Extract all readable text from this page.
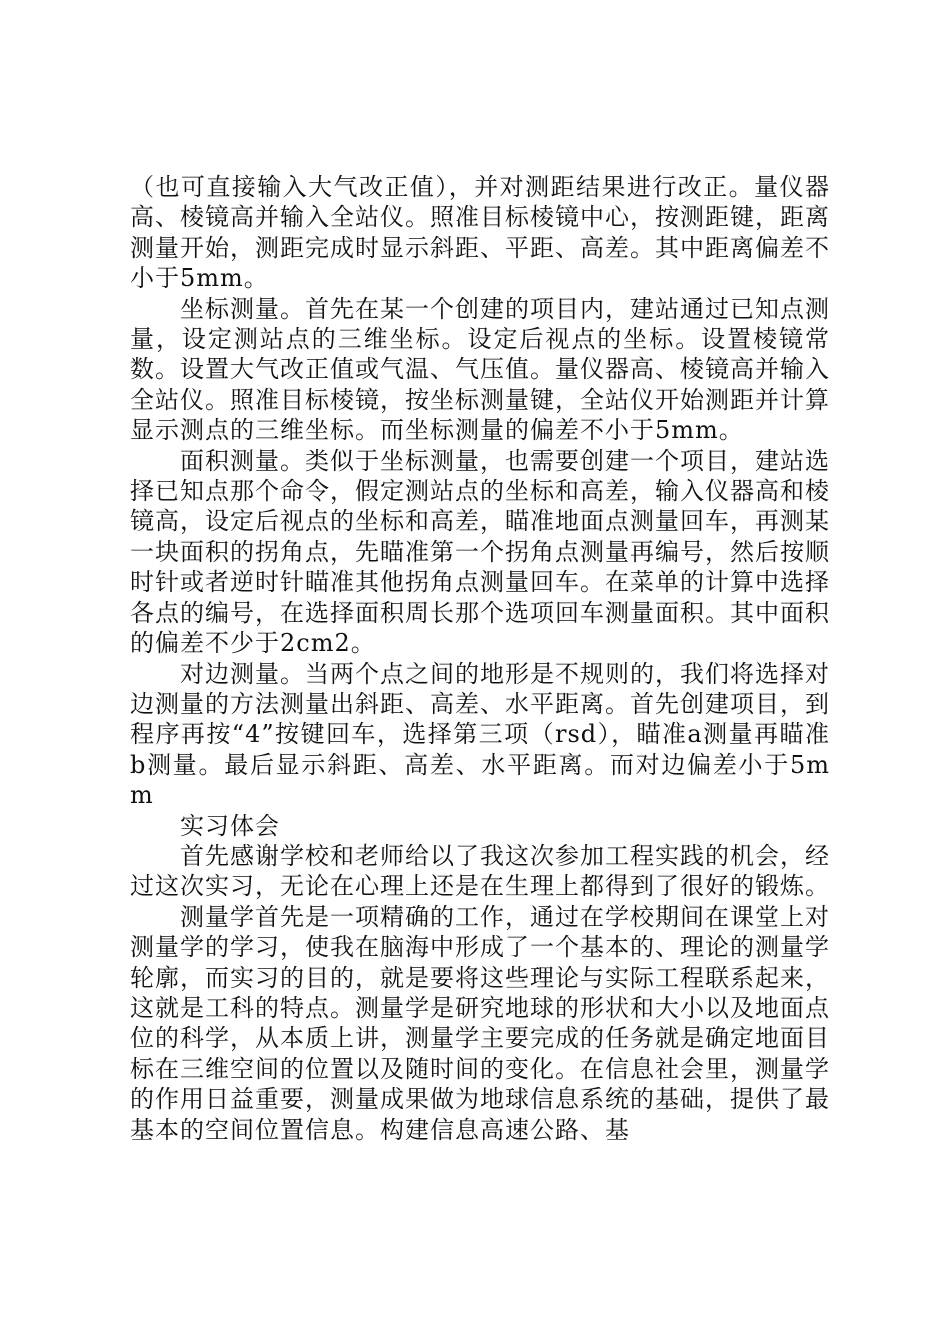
（也可直接输入大气改正值），并对测距结果进行改正。量仪器高、棱镜高并输入全站仪。照准目标棱镜中心，按测距键，距离测量开始，测距完成时显示斜距、平距、高差。其中距离偏差不小于5mm。

坐标测量。首先在某一个创建的项目内，建站通过已知点测量，设定测站点的三维坐标。设定后视点的坐标。设置棱镜常数。设置大气改正值或气温、气压值。量仪器高、棱镜高并输入全站仪。照准目标棱镜，按坐标测量键，全站仪开始测距并计算显示测点的三维坐标。而坐标测量的偏差不小于5mm。

面积测量。类似于坐标测量，也需要创建一个项目，建站选择已知点那个命令，假定测站点的坐标和高差，输入仪器高和棱镜高，设定后视点的坐标和高差，瞄准地面点测量回车，再测某一块面积的拐角点，先瞄准第一个拐角点测量再编号，然后按顺时针或者逆时针瞄准其他拐角点测量回车。在菜单的计算中选择各点的编号，在选择面积周长那个选项回车测量面积。其中面积的偏差不少于2cm2。

对边测量。当两个点之间的地形是不规则的，我们将选择对边测量的方法测量出斜距、高差、水平距离。首先创建项目，到程序再按“4”按键回车，选择第三项（rsd），瞄准a测量再瞄准b测量。最后显示斜距、高差、水平距离。而对边偏差小于5mm

实习体会

首先感谢学校和老师给以了我这次参加工程实践的机会，经过这次实习，无论在心理上还是在生理上都得到了很好的锻炼。

测量学首先是一项精确的工作，通过在学校期间在课堂上对测量学的学习，使我在脑海中形成了一个基本的、理论的测量学轮廓，而实习的目的，就是要将这些理论与实际工程联系起来，这就是工科的特点。测量学是研究地球的形状和大小以及地面点位的科学，从本质上讲，测量学主要完成的任务就是确定地面目标在三维空间的位置以及随时间的变化。在信息社会里，测量学的作用日益重要，测量成果做为地球信息系统的基础，提供了最基本的空间位置信息。构建信息高速公路、基
